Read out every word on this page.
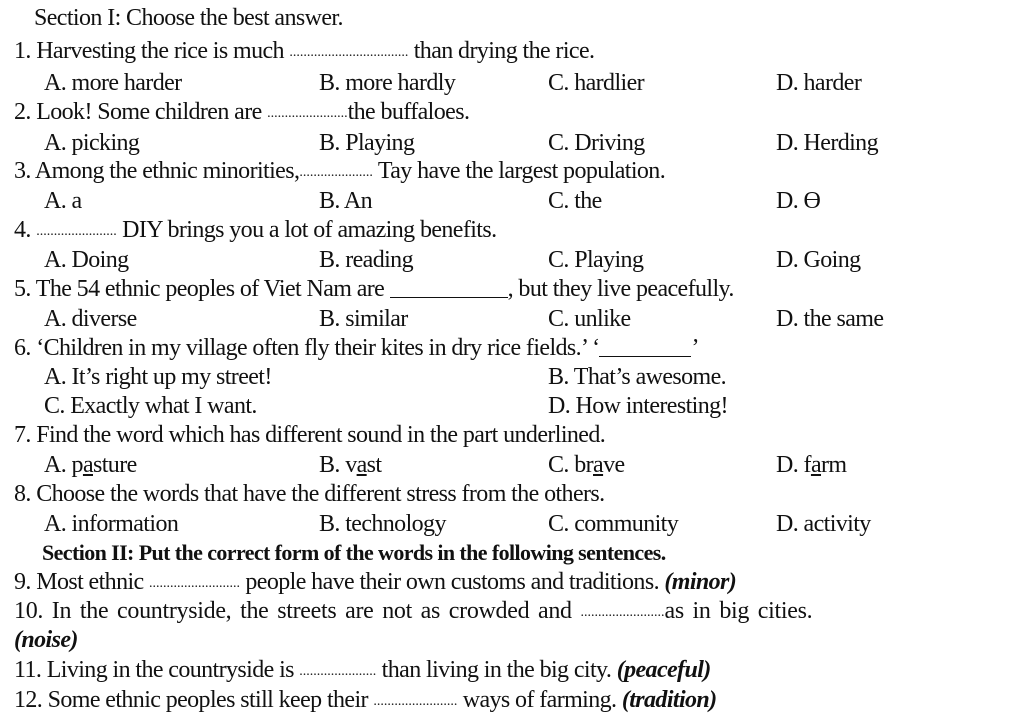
Section I: Choose the best answer.
1. Harvesting the rice is much .................................. than drying the rice.
A. more harder	B. more hardly	C. hardlier	D. harder
2. Look! Some children are .......................the buffaloes.
A. picking	B. Playing	C. Driving	D. Herding
3. Among the ethnic minorities,..................... Tay have the largest population.
A. a	B. An	C. the	D. Ɵ
4. ....................... DIY brings you a lot of amazing benefits.
A. Doing	B. reading	C. Playing	D. Going
5. The 54 ethnic peoples of Viet Nam are	, but they live peacefully.
A. diverse	B. similar	C. unlike	D. the same
6. ‘Children in my village often fly their kites in dry rice fields.’ ‘	’
A. It’s right up my street!	B. That’s awesome.
C. Exactly what I want.	D. How interesting!
7. Find the word which has different sound in the part underlined.
A. pasture	B. vast	C. brave	D. farm
8. Choose the words that have the different stress from the others.
A. information	B. technology	C. community	D. activity
Section II: Put the correct form of the words in the following sentences.
9. Most ethnic .......................... people have their own customs and traditions. (minor)
10. In the countryside, the streets are not as crowded and ........................as in big cities.
(noise)
11. Living in the countryside is ...................... than living in the big city. (peaceful)
12. Some ethnic peoples still keep their ........................ ways of farming. (tradition)
